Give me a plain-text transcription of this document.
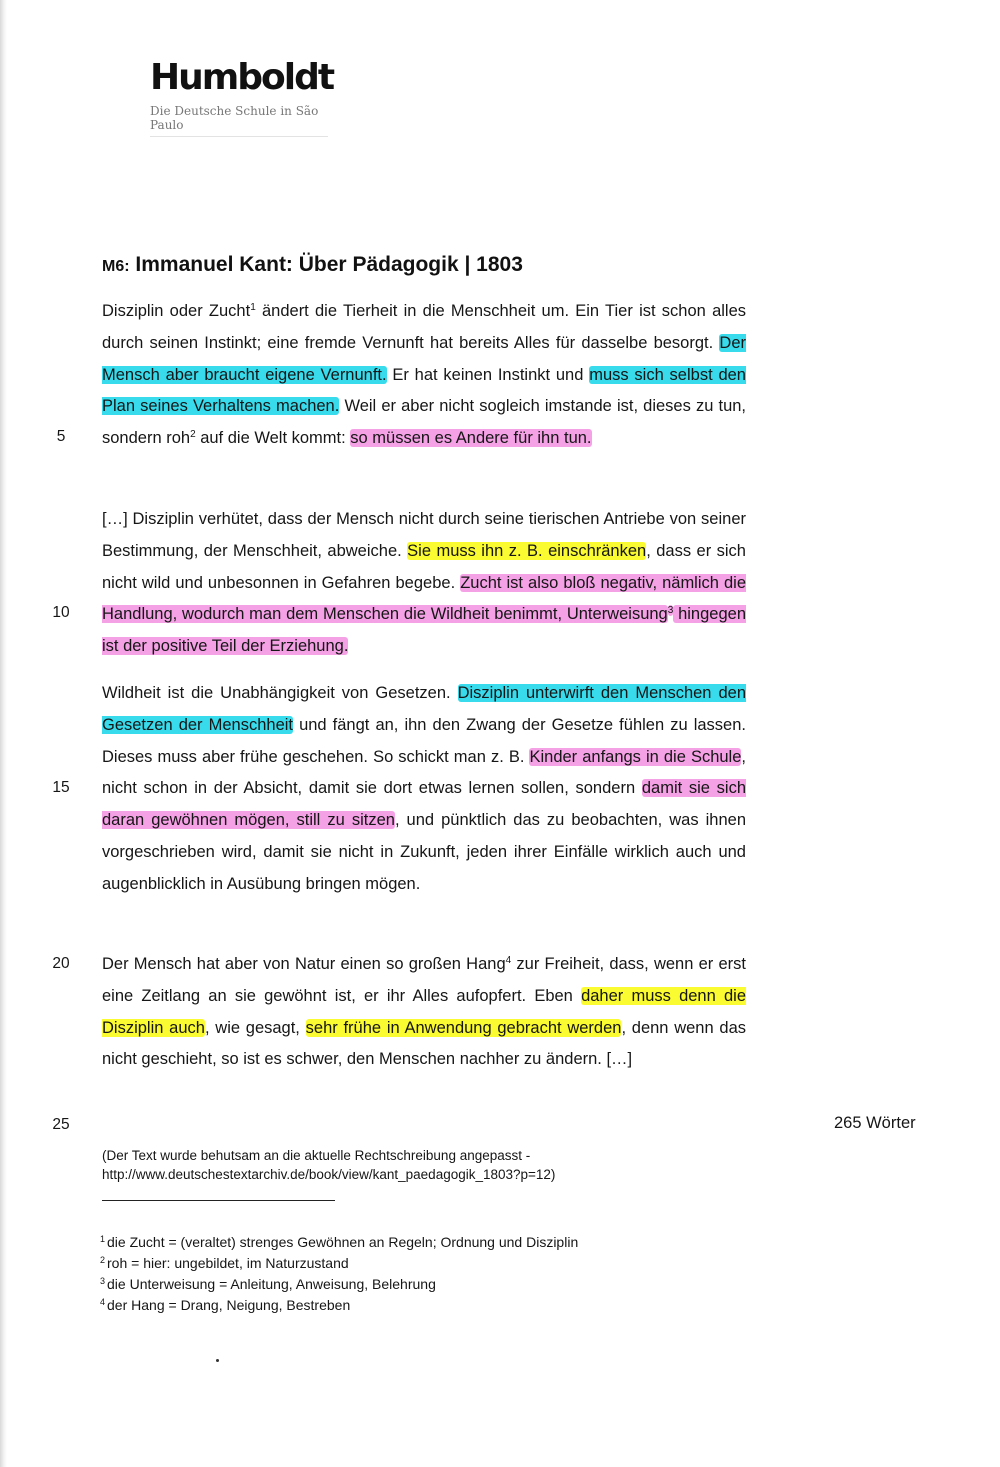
Humboldt
Die Deutsche Schule in São Paulo
M6: Immanuel Kant: Über Pädagogik | 1803
Disziplin oder Zucht$^1$ ändert die Tierheit in die Menschheit um. Ein Tier ist schon alles durch seinen Instinkt; eine fremde Vernunft hat bereits Alles für dasselbe besorgt. Der Mensch aber braucht eigene Vernunft. Er hat keinen Instinkt und muss sich selbst den Plan seines Verhaltens machen. Weil er aber nicht sogleich imstande ist, dieses zu tun, sondern roh$^2$ auf die Welt kommt: so müssen es Andere für ihn tun.
[…] Disziplin verhütet, dass der Mensch nicht durch seine tierischen Antriebe von seiner Bestimmung, der Menschheit, abweiche. Sie muss ihn z. B. einschränken, dass er sich nicht wild und unbesonnen in Gefahren begebe. Zucht ist also bloß negativ, nämlich die Handlung, wodurch man dem Menschen die Wildheit benimmt, Unterweisung$^3$ hingegen ist der positive Teil der Erziehung.
Wildheit ist die Unabhängigkeit von Gesetzen. Disziplin unterwirft den Menschen den Gesetzen der Menschheit und fängt an, ihn den Zwang der Gesetze fühlen zu lassen. Dieses muss aber frühe geschehen. So schickt man z. B. Kinder anfangs in die Schule, nicht schon in der Absicht, damit sie dort etwas lernen sollen, sondern damit sie sich daran gewöhnen mögen, still zu sitzen, und pünktlich das zu beobachten, was ihnen vorgeschrieben wird, damit sie nicht in Zukunft, jeden ihrer Einfälle wirklich auch und augenblicklich in Ausübung bringen mögen.
Der Mensch hat aber von Natur einen so großen Hang$^4$ zur Freiheit, dass, wenn er erst eine Zeitlang an sie gewöhnt ist, er ihr Alles aufopfert. Eben daher muss denn die Disziplin auch, wie gesagt, sehr frühe in Anwendung gebracht werden, denn wenn das nicht geschieht, so ist es schwer, den Menschen nachher zu ändern. […]
5
10
15
20
25	265 Wörter
(Der Text wurde behutsam an die aktuelle Rechtschreibung angepasst -
http://www.deutschestextarchiv.de/book/view/kant_paedagogik_1803?p=12)
$^1$ die Zucht = (veraltet) strenges Gewöhnen an Regeln; Ordnung und Disziplin
$^2$ roh = hier: ungebildet, im Naturzustand
$^3$ die Unterweisung = Anleitung, Anweisung, Belehrung
$^4$ der Hang = Drang, Neigung, Bestreben
